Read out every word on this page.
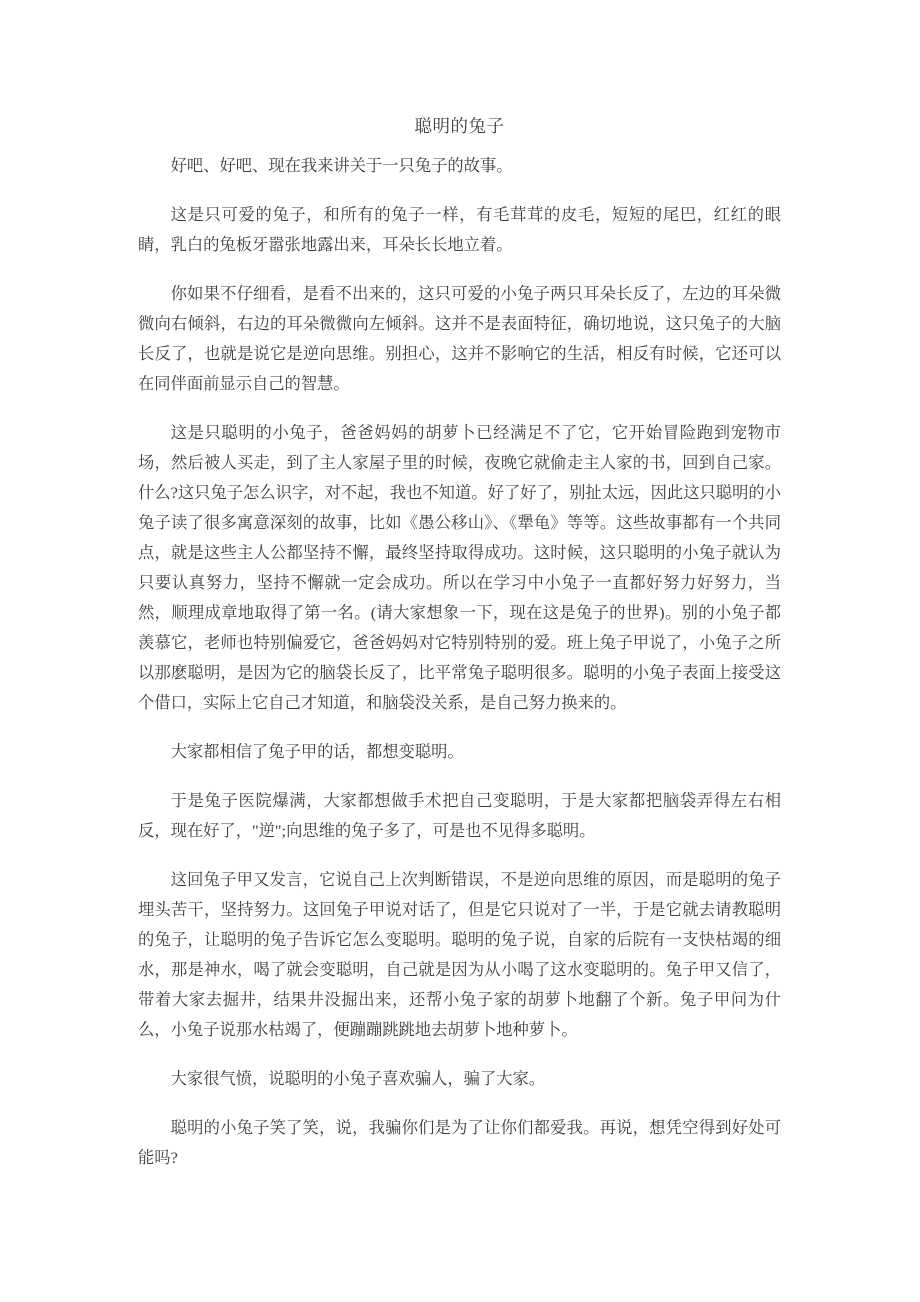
聪明的兔子

好吧、好吧、现在我来讲关于一只兔子的故事。

这是只可爱的兔子，和所有的兔子一样，有毛茸茸的皮毛，短短的尾巴，红红的眼睛，乳白的兔板牙嚣张地露出来，耳朵长长地立着。

你如果不仔细看，是看不出来的，这只可爱的小兔子两只耳朵长反了，左边的耳朵微微向右倾斜，右边的耳朵微微向左倾斜。这并不是表面特征，确切地说，这只兔子的大脑长反了，也就是说它是逆向思维。别担心，这并不影响它的生活，相反有时候，它还可以在同伴面前显示自己的智慧。

这是只聪明的小兔子，爸爸妈妈的胡萝卜已经满足不了它，它开始冒险跑到宠物市场，然后被人买走，到了主人家屋子里的时候，夜晚它就偷走主人家的书，回到自己家。什么?这只兔子怎么识字，对不起，我也不知道。好了好了，别扯太远，因此这只聪明的小兔子读了很多寓意深刻的故事，比如《愚公移山》、《犟龟》等等。这些故事都有一个共同点，就是这些主人公都坚持不懈，最终坚持取得成功。这时候，这只聪明的小兔子就认为只要认真努力，坚持不懈就一定会成功。所以在学习中小兔子一直都好努力好努力，当然，顺理成章地取得了第一名。(请大家想象一下，现在这是兔子的世界)。别的小兔子都羡慕它，老师也特别偏爱它，爸爸妈妈对它特别特别的爱。班上兔子甲说了，小兔子之所以那麽聪明，是因为它的脑袋长反了，比平常兔子聪明很多。聪明的小兔子表面上接受这个借口，实际上它自己才知道，和脑袋没关系，是自己努力换来的。

大家都相信了兔子甲的话，都想变聪明。

于是兔子医院爆满，大家都想做手术把自己变聪明，于是大家都把脑袋弄得左右相反，现在好了，"逆";向思维的兔子多了，可是也不见得多聪明。

这回兔子甲又发言，它说自己上次判断错误，不是逆向思维的原因，而是聪明的兔子埋头苦干，坚持努力。这回兔子甲说对话了，但是它只说对了一半，于是它就去请教聪明的兔子，让聪明的兔子告诉它怎么变聪明。聪明的兔子说，自家的后院有一支快枯竭的细水，那是神水，喝了就会变聪明，自己就是因为从小喝了这水变聪明的。兔子甲又信了，带着大家去掘井，结果井没掘出来，还帮小兔子家的胡萝卜地翻了个新。兔子甲问为什么，小兔子说那水枯竭了，便蹦蹦跳跳地去胡萝卜地种萝卜。

大家很气愤，说聪明的小兔子喜欢骗人，骗了大家。

聪明的小兔子笑了笑，说，我骗你们是为了让你们都爱我。再说，想凭空得到好处可能吗?
